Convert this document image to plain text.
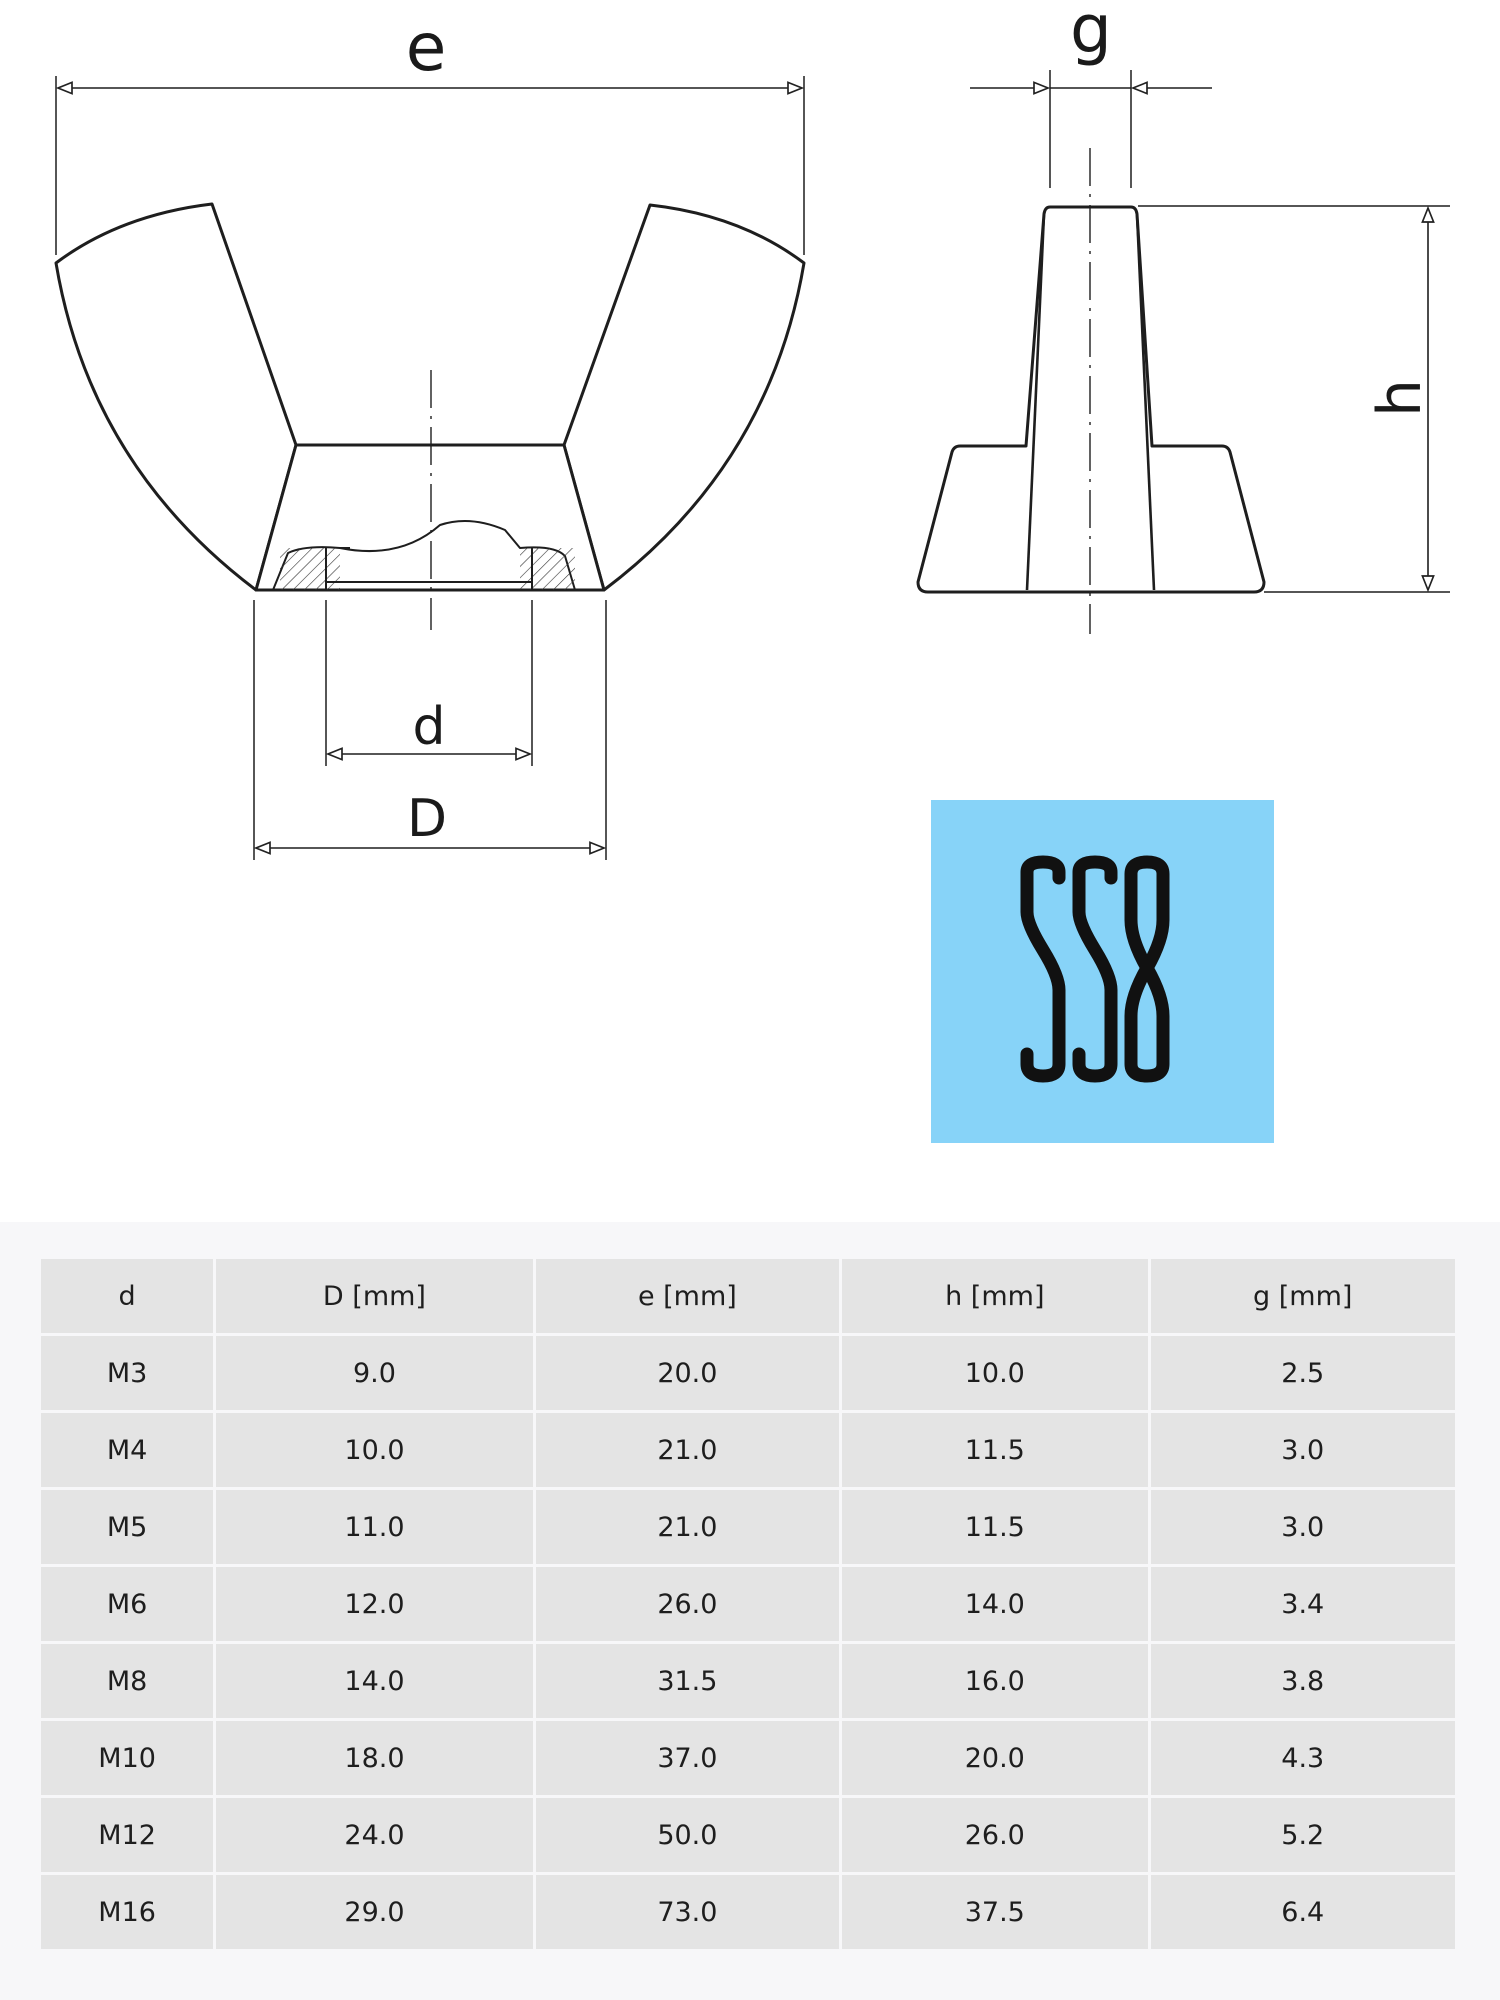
e	g
h
d
D
d	D [mm]	e [mm]	h [mm]	g [mm]
M3	9.0	20.0	10.0	2.5
M4	10.0	21.0	11.5	3.0
M5	11.0	21.0	11.5	3.0
M6	12.0	26.0	14.0	3.4
M8	14.0	31.5	16.0	3.8
M10	18.0	37.0	20.0	4.3
M12	24.0	50.0	26.0	5.2
M16	29.0	73.0	37.5	6.4
